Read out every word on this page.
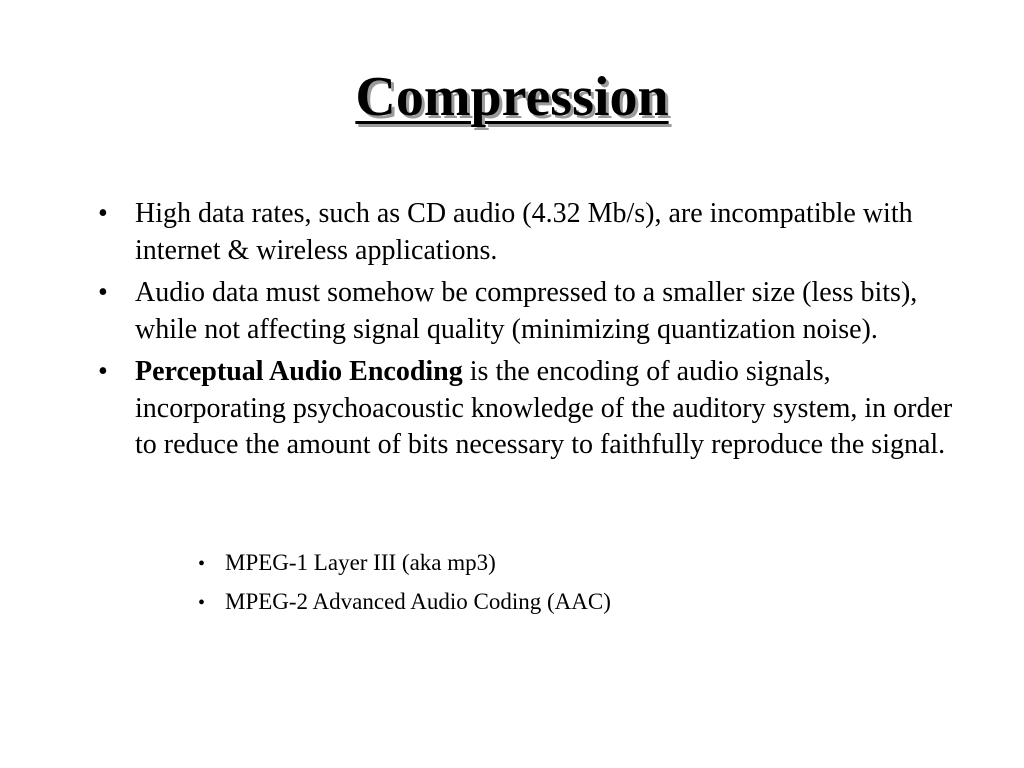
Compression
• High data rates, such as CD audio (4.32 Mb/s), are incompatible with internet & wireless applications.
• Audio data must somehow be compressed to a smaller size (less bits), while not affecting signal quality (minimizing quantization noise).
• Perceptual Audio Encoding is the encoding of audio signals, incorporating psychoacoustic knowledge of the auditory system, in order to reduce the amount of bits necessary to faithfully reproduce the signal.
• MPEG-1 Layer III (aka mp3)
• MPEG-2 Advanced Audio Coding (AAC)
